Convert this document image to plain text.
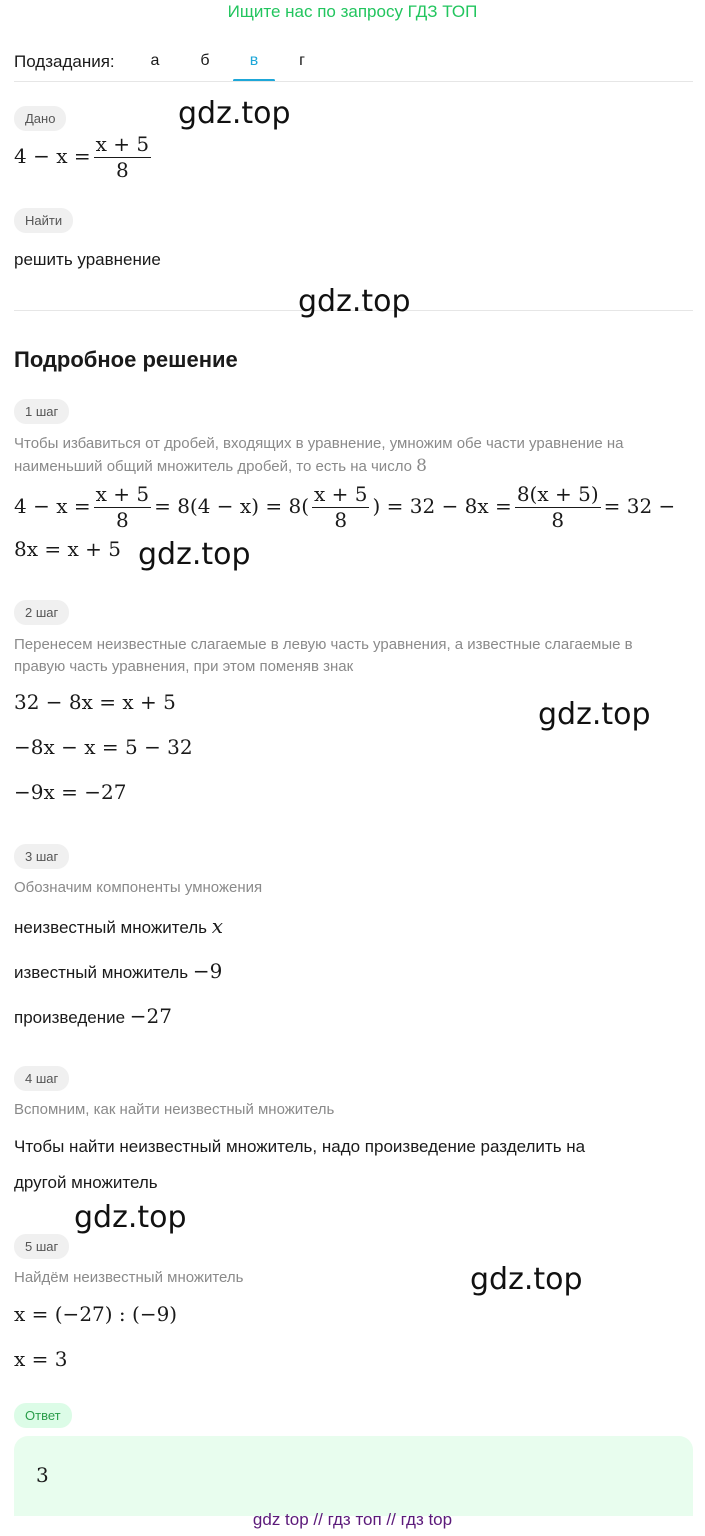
Ищите нас по запросу ГДЗ ТОП
Подзадания:	а	б	в	г
Дано
$4 - x = \frac{x + 5}{8}$
Найти
решить уравнение
Подробное решение
1 шаг
Чтобы избавиться от дробей, входящих в уравнение, умножим обе части уравнение на
наименьший общий множитель дробей, то есть на число 8
$4 - x = \frac{x + 5}{8} = 8(4 - x) = 8( \frac{x + 5}{8}$ ) = $32 - 8x = \frac{8(x + 5)}{8} = 32$ −
8x = x + 5
2 шаг
Перенесем неизвестные слагаемые в левую часть уравнения, а известные слагаемые в
правую часть уравнения, при этом поменяв знак
32 − 8x = x + 5
−8x − x = 5 − 32
−9x = −27
3 шаг
Обозначим компоненты умножения
неизвестный множитель x
известный множитель −9
произведение −27
4 шаг
Вспомним, как найти неизвестный множитель
Чтобы найти неизвестный множитель, надо произведение разделить на
другой множитель
5 шаг
Найдём неизвестный множитель
x = (−27) : (−9)
x = 3
Ответ
3
gdz.top
gdz.top
gdz.top
gdz.top
gdz.top
gdz.top
gdz top // гдз топ // гдз top
